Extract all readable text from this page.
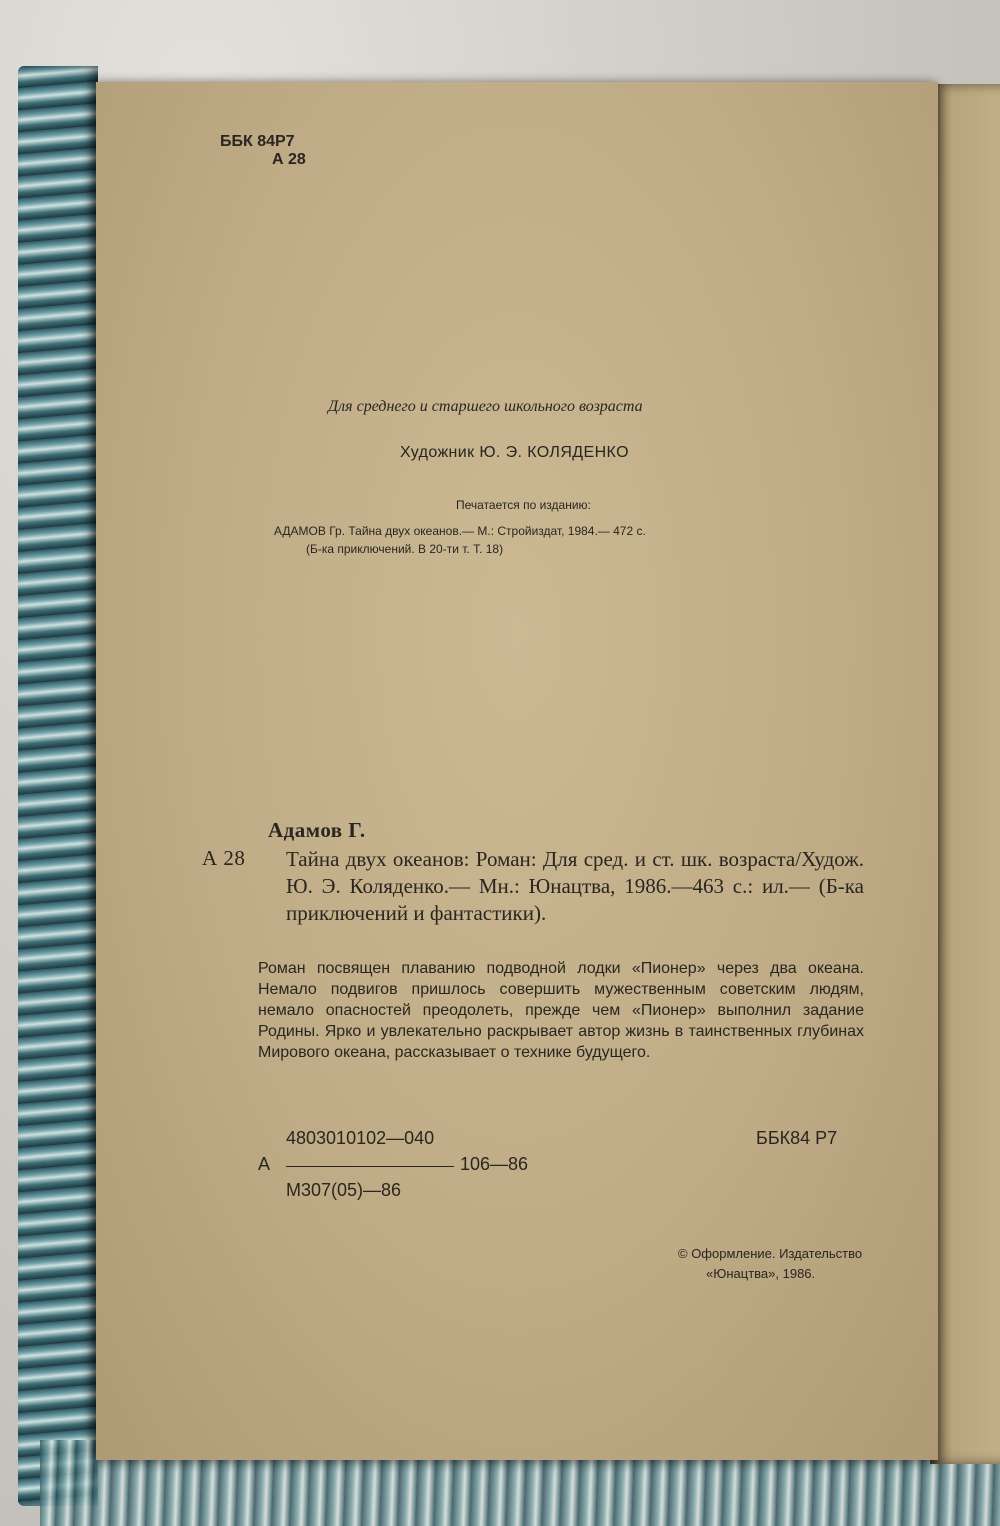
ББК 84Р7

А 28

Для среднего и старшего школьного возраста

Художник Ю. Э. КОЛЯДЕНКО

Печатается по изданию:

АДАМОВ Гр. Тайна двух океанов.— М.: Стройиздат, 1984.— 472 с.

(Б-ка приключений. В 20-ти т. Т. 18)

Адамов Г.

А 28 Тайна двух океанов: Роман: Для сред. и ст. шк. возраста/Худож. Ю. Э. Коляденко.— Мн.: Юнацтва, 1986.—463 с.: ил.— (Б-ка приключений и фантастики).

Роман посвящен плаванию подводной лодки «Пионер» через два океана. Немало подвигов пришлось совершить мужественным советским людям, немало опасностей преодолеть, прежде чем «Пионер» выполнил задание Родины. Ярко и увлекательно раскрывает автор жизнь в таинственных глубинах Мирового океана, рассказывает о технике будущего.

4803010102—040

А	106—86

М307(05)—86

ББК84 Р7

© Оформление. Издательство

«Юнацтва», 1986.
